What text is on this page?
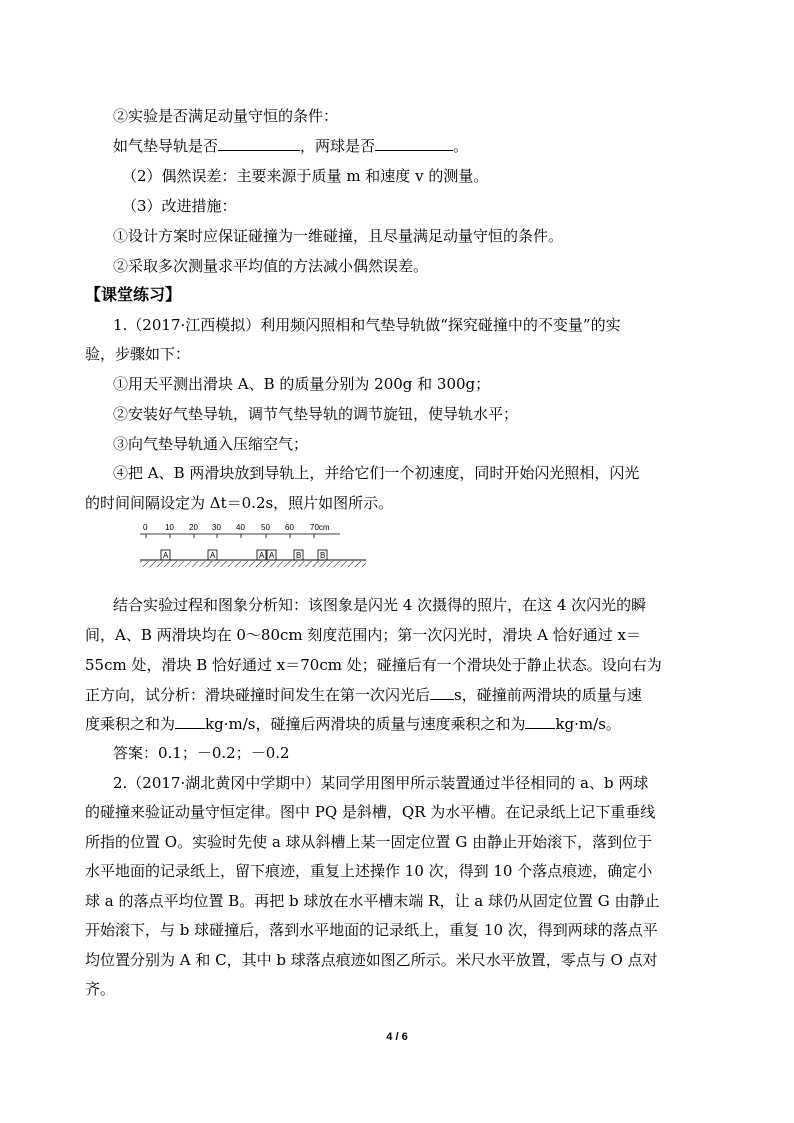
②实验是否满足动量守恒的条件：
如气垫导轨是否	，两球是否	。
（2）偶然误差：主要来源于质量 m 和速度 v 的测量。
（3）改进措施：
①设计方案时应保证碰撞为一维碰撞，且尽量满足动量守恒的条件。
②采取多次测量求平均值的方法减小偶然误差。
【课堂练习】
1.（2017·江西模拟）利用频闪照相和气垫导轨做“探究碰撞中的不变量”的实
验，步骤如下：
①用天平测出滑块 A、B 的质量分别为 200g 和 300g；
②安装好气垫导轨，调节气垫导轨的调节旋钮，使导轨水平；
③向气垫导轨通入压缩空气；
④把 A、B 两滑块放到导轨上，并给它们一个初速度，同时开始闪光照相，闪光
的时间间隔设定为 Δt＝0.2s，照片如图所示。
0 10 20 30 40 50 60 70cm
A	A	A A	B B
结合实验过程和图象分析知：该图象是闪光 4 次摄得的照片，在这 4 次闪光的瞬
间，A、B 两滑块均在 0～80cm 刻度范围内；第一次闪光时，滑块 A 恰好通过 x＝
55cm 处，滑块 B 恰好通过 x＝70cm 处；碰撞后有一个滑块处于静止状态。设向右为
正方向，试分析：滑块碰撞时间发生在第一次闪光后 s，碰撞前两滑块的质量与速
度乘积之和为 kg·m/s，碰撞后两滑块的质量与速度乘积之和为 kg·m/s。
答案：0.1；－0.2；－0.2
2.（2017·湖北黄冈中学期中）某同学用图甲所示装置通过半径相同的 a、b 两球
的碰撞来验证动量守恒定律。图中 PQ 是斜槽，QR 为水平槽。在记录纸上记下重垂线
所指的位置 O。实验时先使 a 球从斜槽上某一固定位置 G 由静止开始滚下，落到位于
水平地面的记录纸上，留下痕迹，重复上述操作 10 次，得到 10 个落点痕迹，确定小
球 a 的落点平均位置 B。再把 b 球放在水平槽末端 R，让 a 球仍从固定位置 G 由静止
开始滚下，与 b 球碰撞后，落到水平地面的记录纸上，重复 10 次，得到两球的落点平
均位置分别为 A 和 C，其中 b 球落点痕迹如图乙所示。米尺水平放置，零点与 O 点对
齐。
4 / 6
